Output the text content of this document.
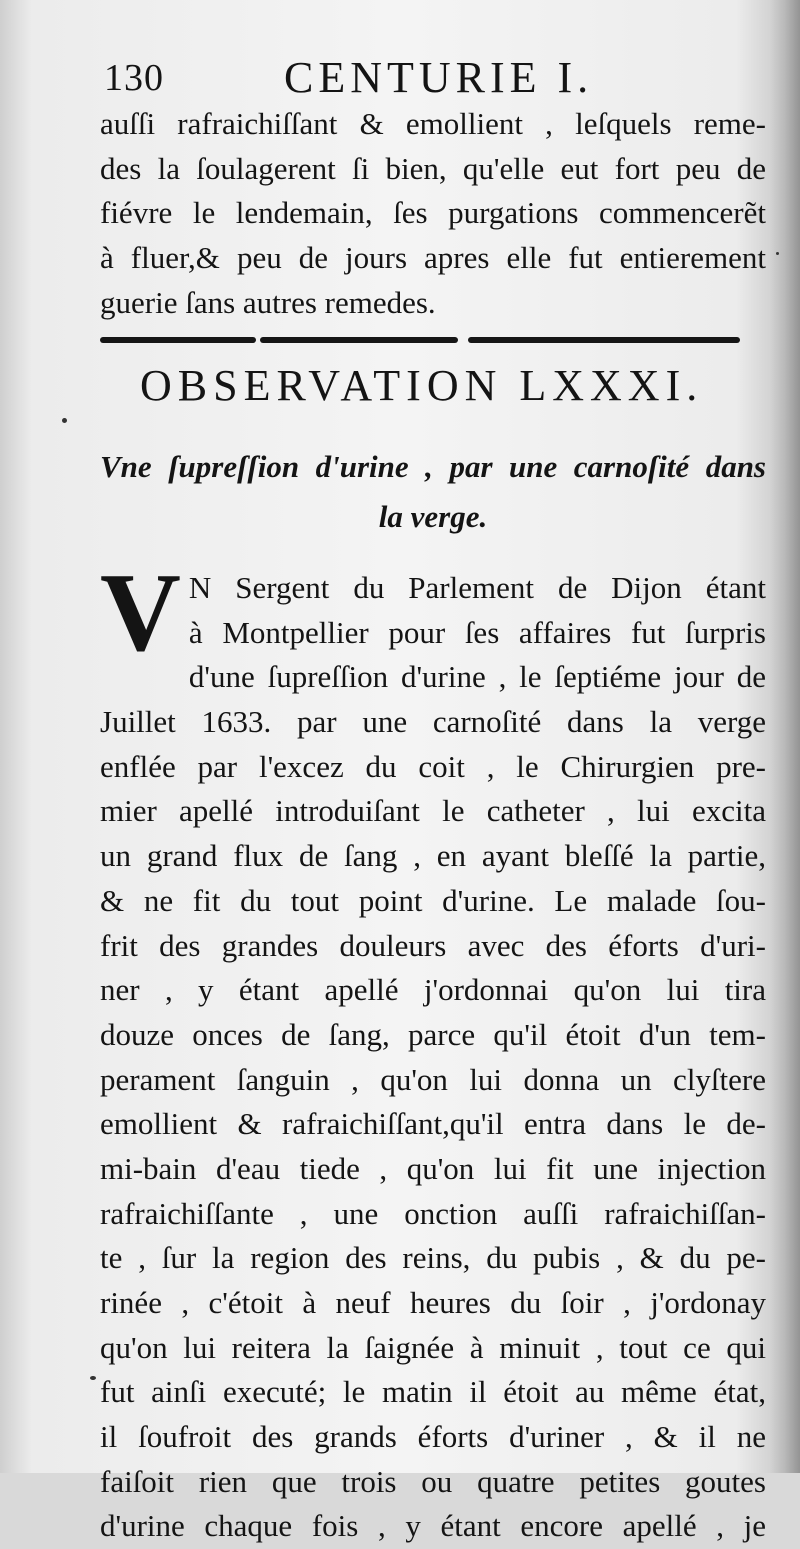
130	CENTURIE I.
auſſi rafraichiſſant & emollient , leſquels reme-
des la ſoulagerent ſi bien, qu'elle eut fort peu de
fiévre le lendemain, ſes purgations commencerẽt
à fluer,& peu de jours apres elle fut entierement
guerie ſans autres remedes.
OBSERVATION LXXXI.
Vne ſupreſſion d'urine , par une carnoſité dans
la verge.
V N Sergent du Parlement de Dijon étant
à Montpellier pour ſes affaires fut ſurpris
d'une ſupreſſion d'urine , le ſeptiéme jour de
Juillet 1633. par une carnoſité dans la verge
enflée par l'excez du coit , le Chirurgien pre-
mier apellé introduiſant le catheter , lui excita
un grand flux de ſang , en ayant bleſſé la partie,
& ne fit du tout point d'urine. Le malade ſou-
frit des grandes douleurs avec des éforts d'uri-
ner , y étant apellé j'ordonnai qu'on lui tira
douze onces de ſang, parce qu'il étoit d'un tem-
perament ſanguin , qu'on lui donna un clyſtere
emollient & rafraichiſſant,qu'il entra dans le de-
mi-bain d'eau tiede , qu'on lui fit une injection
rafraichiſſante , une onction auſſi rafraichiſſan-
te , ſur la region des reins, du pubis , & du pe-
rinée , c'étoit à neuf heures du ſoir , j'ordonay
qu'on lui reitera la ſaignée à minuit , tout ce qui
fut ainſi executé; le matin il étoit au même état,
il ſoufroit des grands éforts d'uriner , & il ne
faiſoit rien que trois ou quatre petites goutes
d'urine chaque fois , y étant encore apellé , je
